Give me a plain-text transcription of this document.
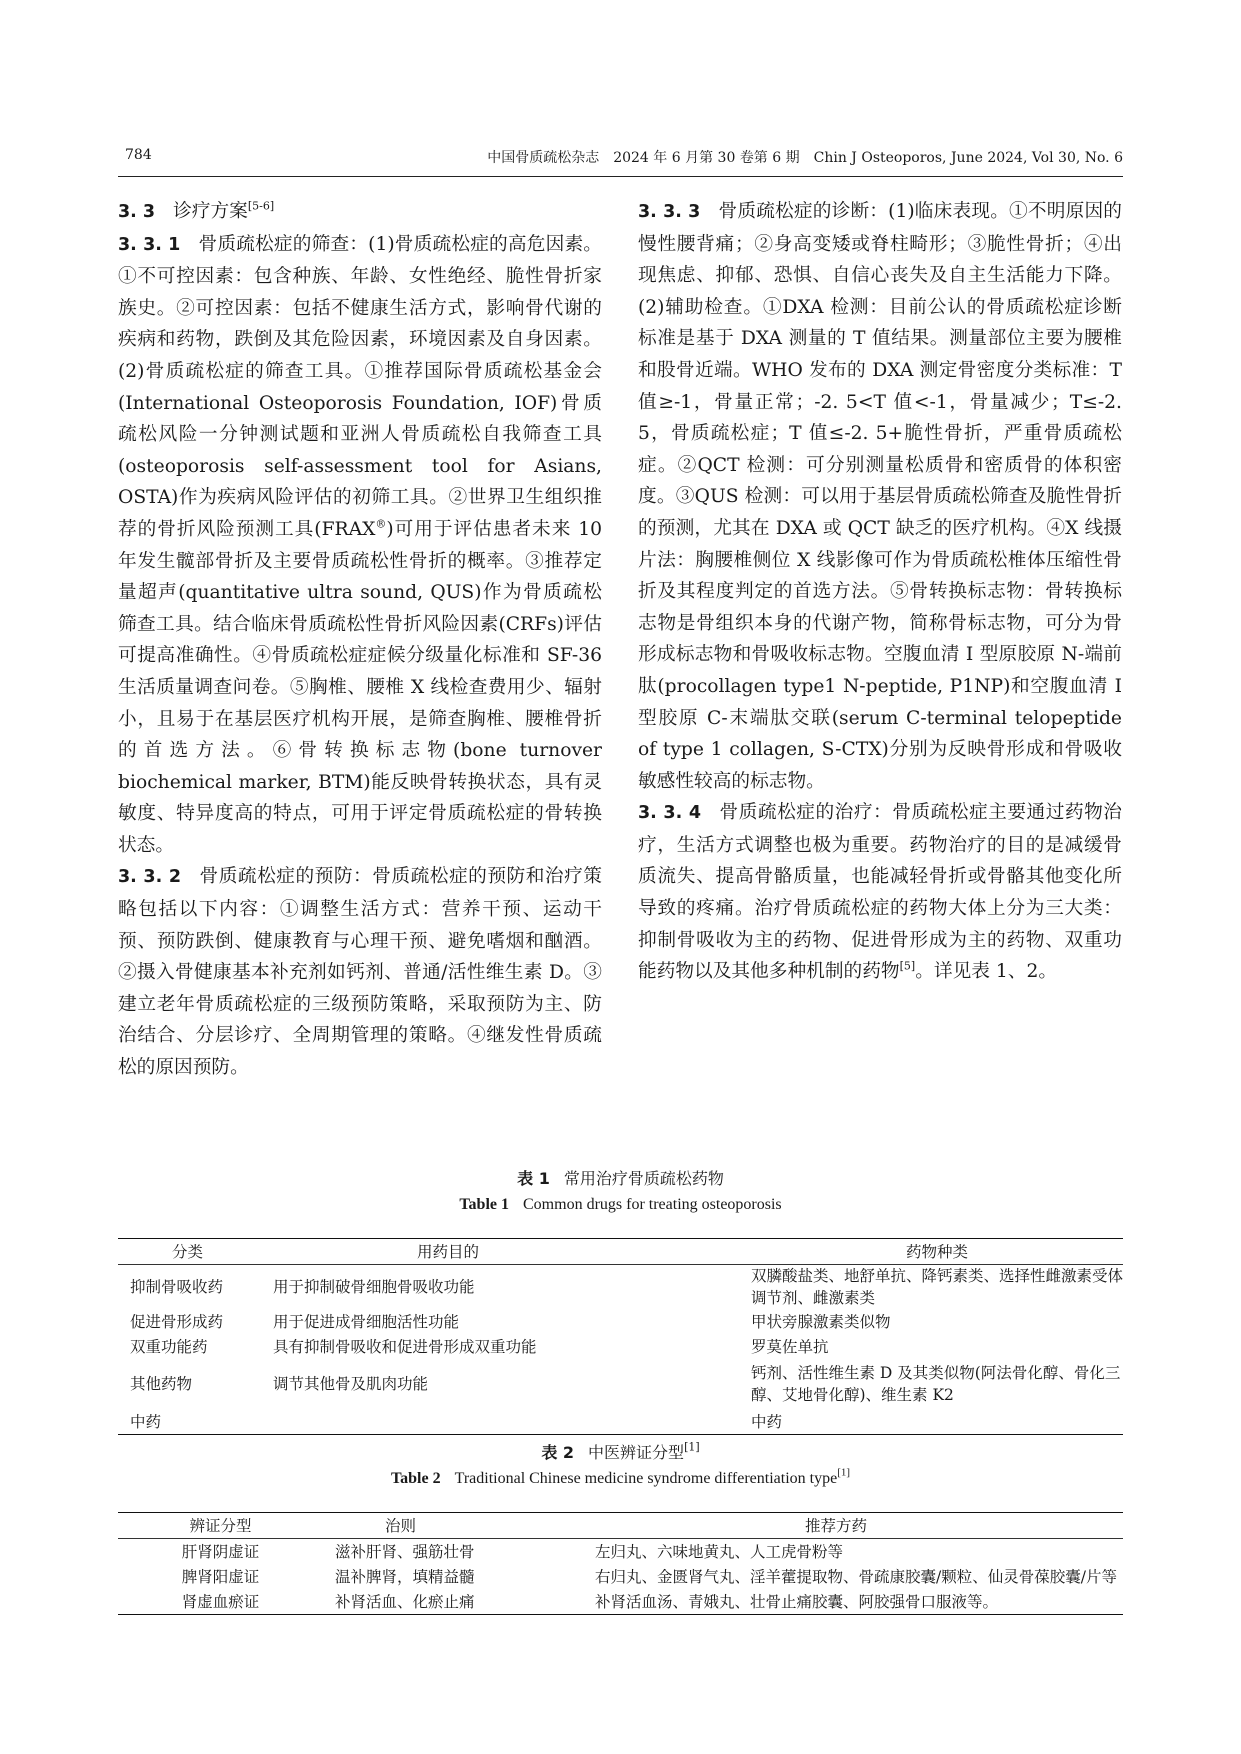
784	中国骨质疏松杂志　2024 年 6 月第 30 卷第 6 期　Chin J Osteoporos, June 2024, Vol 30, No. 6

3. 3 诊疗方案[5-6]

3. 3. 1 骨质疏松症的筛查：(1)骨质疏松症的高危因素。①不可控因素：包含种族、年龄、女性绝经、脆性骨折家族史。②可控因素：包括不健康生活方式，影响骨代谢的疾病和药物，跌倒及其危险因素，环境因素及自身因素。(2)骨质疏松症的筛查工具。①推荐国际骨质疏松基金会(International Osteoporosis Foundation, IOF)骨质疏松风险一分钟测试题和亚洲人骨质疏松自我筛查工具(osteoporosis self-assessment tool for Asians, OSTA)作为疾病风险评估的初筛工具。②世界卫生组织推荐的骨折风险预测工具(FRAX®)可用于评估患者未来 10 年发生髋部骨折及主要骨质疏松性骨折的概率。③推荐定量超声(quantitative ultra sound, QUS)作为骨质疏松筛查工具。结合临床骨质疏松性骨折风险因素(CRFs)评估可提高准确性。④骨质疏松症症候分级量化标准和 SF-36 生活质量调查问卷。⑤胸椎、腰椎 X 线检查费用少、辐射小，且易于在基层医疗机构开展，是筛查胸椎、腰椎骨折的首选方法。⑥骨转换标志物(bone turnover biochemical marker, BTM)能反映骨转换状态，具有灵敏度、特异度高的特点，可用于评定骨质疏松症的骨转换状态。

3. 3. 2 骨质疏松症的预防：骨质疏松症的预防和治疗策略包括以下内容：①调整生活方式：营养干预、运动干预、预防跌倒、健康教育与心理干预、避免嗜烟和酗酒。②摄入骨健康基本补充剂如钙剂、普通/活性维生素 D。③建立老年骨质疏松症的三级预防策略，采取预防为主、防治结合、分层诊疗、全周期管理的策略。④继发性骨质疏松的原因预防。

3. 3. 3 骨质疏松症的诊断：(1)临床表现。①不明原因的慢性腰背痛；②身高变矮或脊柱畸形；③脆性骨折；④出现焦虑、抑郁、恐惧、自信心丧失及自主生活能力下降。(2)辅助检查。①DXA 检测：目前公认的骨质疏松症诊断标准是基于 DXA 测量的 T 值结果。测量部位主要为腰椎和股骨近端。WHO 发布的 DXA 测定骨密度分类标准：T 值≥-1，骨量正常；-2. 5<T 值<-1，骨量减少；T≤-2. 5，骨质疏松症；T 值≤-2. 5+脆性骨折，严重骨质疏松症。②QCT 检测：可分别测量松质骨和密质骨的体积密度。③QUS 检测：可以用于基层骨质疏松筛查及脆性骨折的预测，尤其在 DXA 或 QCT 缺乏的医疗机构。④X 线摄片法：胸腰椎侧位 X 线影像可作为骨质疏松椎体压缩性骨折及其程度判定的首选方法。⑤骨转换标志物：骨转换标志物是骨组织本身的代谢产物，简称骨标志物，可分为骨形成标志物和骨吸收标志物。空腹血清 Ⅰ 型原胶原 N-端前肽(procollagen type1 N-peptide, P1NP)和空腹血清 Ⅰ 型胶原 C-末端肽交联(serum C-terminal telopeptide of type 1 collagen, S-CTX)分别为反映骨形成和骨吸收敏感性较高的标志物。

3. 3. 4 骨质疏松症的治疗：骨质疏松症主要通过药物治疗，生活方式调整也极为重要。药物治疗的目的是减缓骨质流失、提高骨骼质量，也能减轻骨折或骨骼其他变化所导致的疼痛。治疗骨质疏松症的药物大体上分为三大类：抑制骨吸收为主的药物、促进骨形成为主的药物、双重功能药物以及其他多种机制的药物[5]。详见表 1、2。

表 1 常用治疗骨质疏松药物
Table 1 Common drugs for treating osteoporosis
分类	用药目的	药物种类
抑制骨吸收药	用于抑制破骨细胞骨吸收功能	双膦酸盐类、地舒单抗、降钙素类、选择性雌激素受体调节剂、雌激素类
促进骨形成药	用于促进成骨细胞活性功能	甲状旁腺激素类似物
双重功能药	具有抑制骨吸收和促进骨形成双重功能	罗莫佐单抗
其他药物	调节其他骨及肌肉功能	钙剂、活性维生素 D 及其类似物(阿法骨化醇、骨化三醇、艾地骨化醇)、维生素 K2
中药		中药
表 2 中医辨证分型[1]
Table 2 Traditional Chinese medicine syndrome differentiation type[1]
辨证分型	治则	推荐方药
肝肾阴虚证	滋补肝肾、强筋壮骨	左归丸、六味地黄丸、人工虎骨粉等
脾肾阳虚证	温补脾肾，填精益髓	右归丸、金匮肾气丸、淫羊藿提取物、骨疏康胶囊/颗粒、仙灵骨葆胶囊/片等
肾虚血瘀证	补肾活血、化瘀止痛	补肾活血汤、青娥丸、壮骨止痛胶囊、阿胶强骨口服液等。
